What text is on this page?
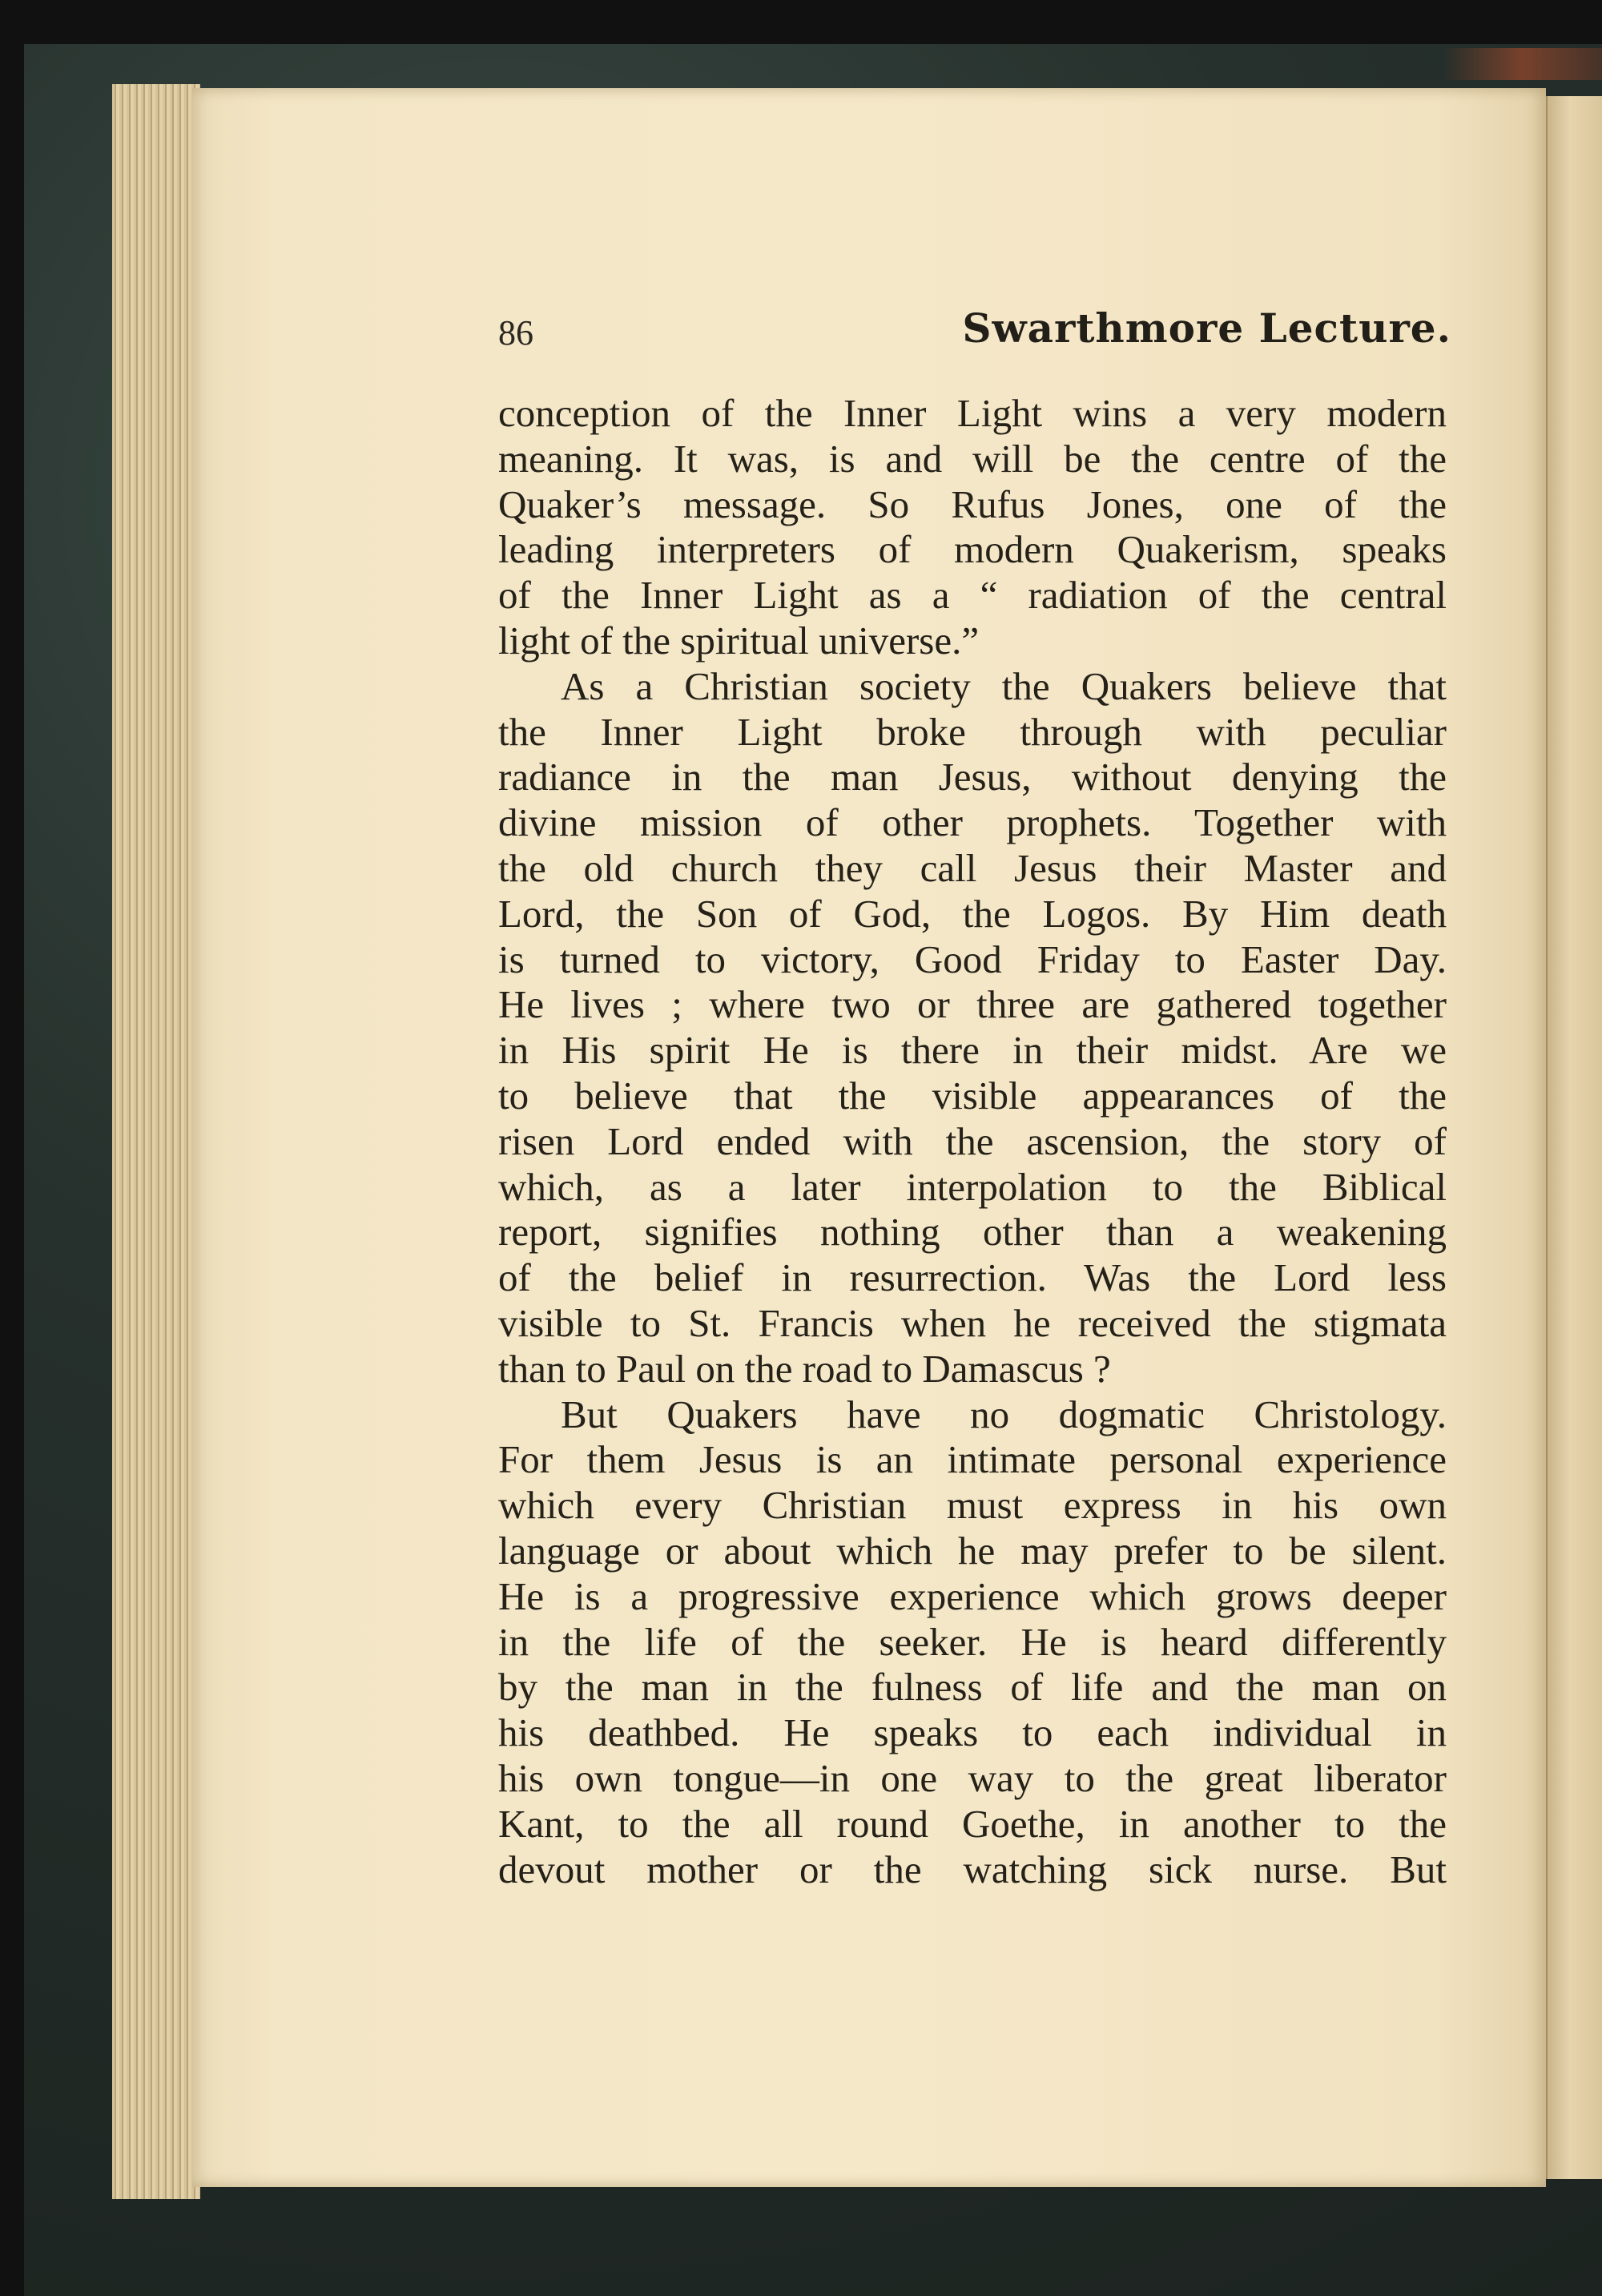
86	Swarthmore Lecture.
conception of the Inner Light wins a very modern
meaning. It was, is and will be the centre of the
Quaker’s message. So Rufus Jones, one of the
leading interpreters of modern Quakerism, speaks
of the Inner Light as a “ radiation of the central
light of the spiritual universe.”
As a Christian society the Quakers believe that
the Inner Light broke through with peculiar
radiance in the man Jesus, without denying the
divine mission of other prophets. Together with
the old church they call Jesus their Master and
Lord, the Son of God, the Logos. By Him death
is turned to victory, Good Friday to Easter Day.
He lives ; where two or three are gathered together
in His spirit He is there in their midst. Are we
to believe that the visible appearances of the
risen Lord ended with the ascension, the story of
which, as a later interpolation to the Biblical
report, signifies nothing other than a weakening
of the belief in resurrection. Was the Lord less
visible to St. Francis when he received the stigmata
than to Paul on the road to Damascus ?
But Quakers have no dogmatic Christology.
For them Jesus is an intimate personal experience
which every Christian must express in his own
language or about which he may prefer to be silent.
He is a progressive experience which grows deeper
in the life of the seeker. He is heard differently
by the man in the fulness of life and the man on
his deathbed. He speaks to each individual in
his own tongue—in one way to the great liberator
Kant, to the all round Goethe, in another to the
devout mother or the watching sick nurse. But
